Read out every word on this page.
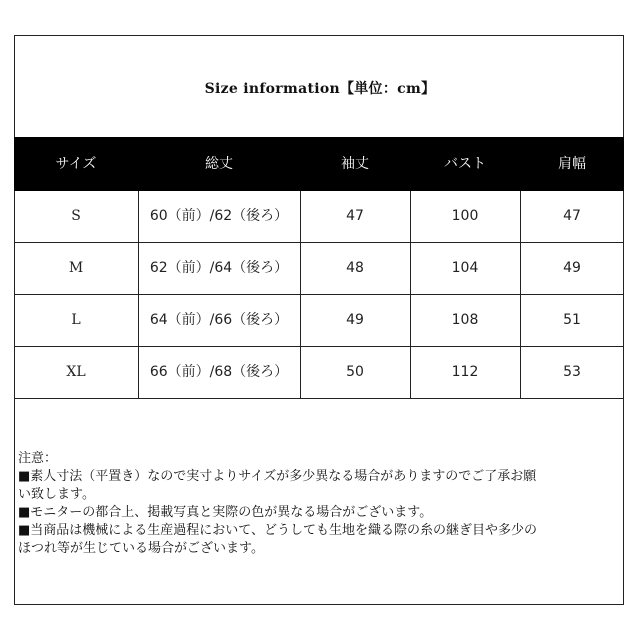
Size information【単位：cm】
サイズ	総丈	袖丈	バスト	肩幅
S	60（前）/62（後ろ）	47	100	47
M	62（前）/64（後ろ）	48	104	49
L	64（前）/66（後ろ）	49	108	51
XL	66（前）/68（後ろ）	50	112	53
注意：
■素人寸法（平置き）なので実寸よりサイズが多少異なる場合がありますのでご了承お願
い致します。
■モニターの都合上、掲載写真と実際の色が異なる場合がございます。
■当商品は機械による生産過程において、どうしても生地を織る際の糸の継ぎ目や多少の
ほつれ等が生じている場合がございます。
